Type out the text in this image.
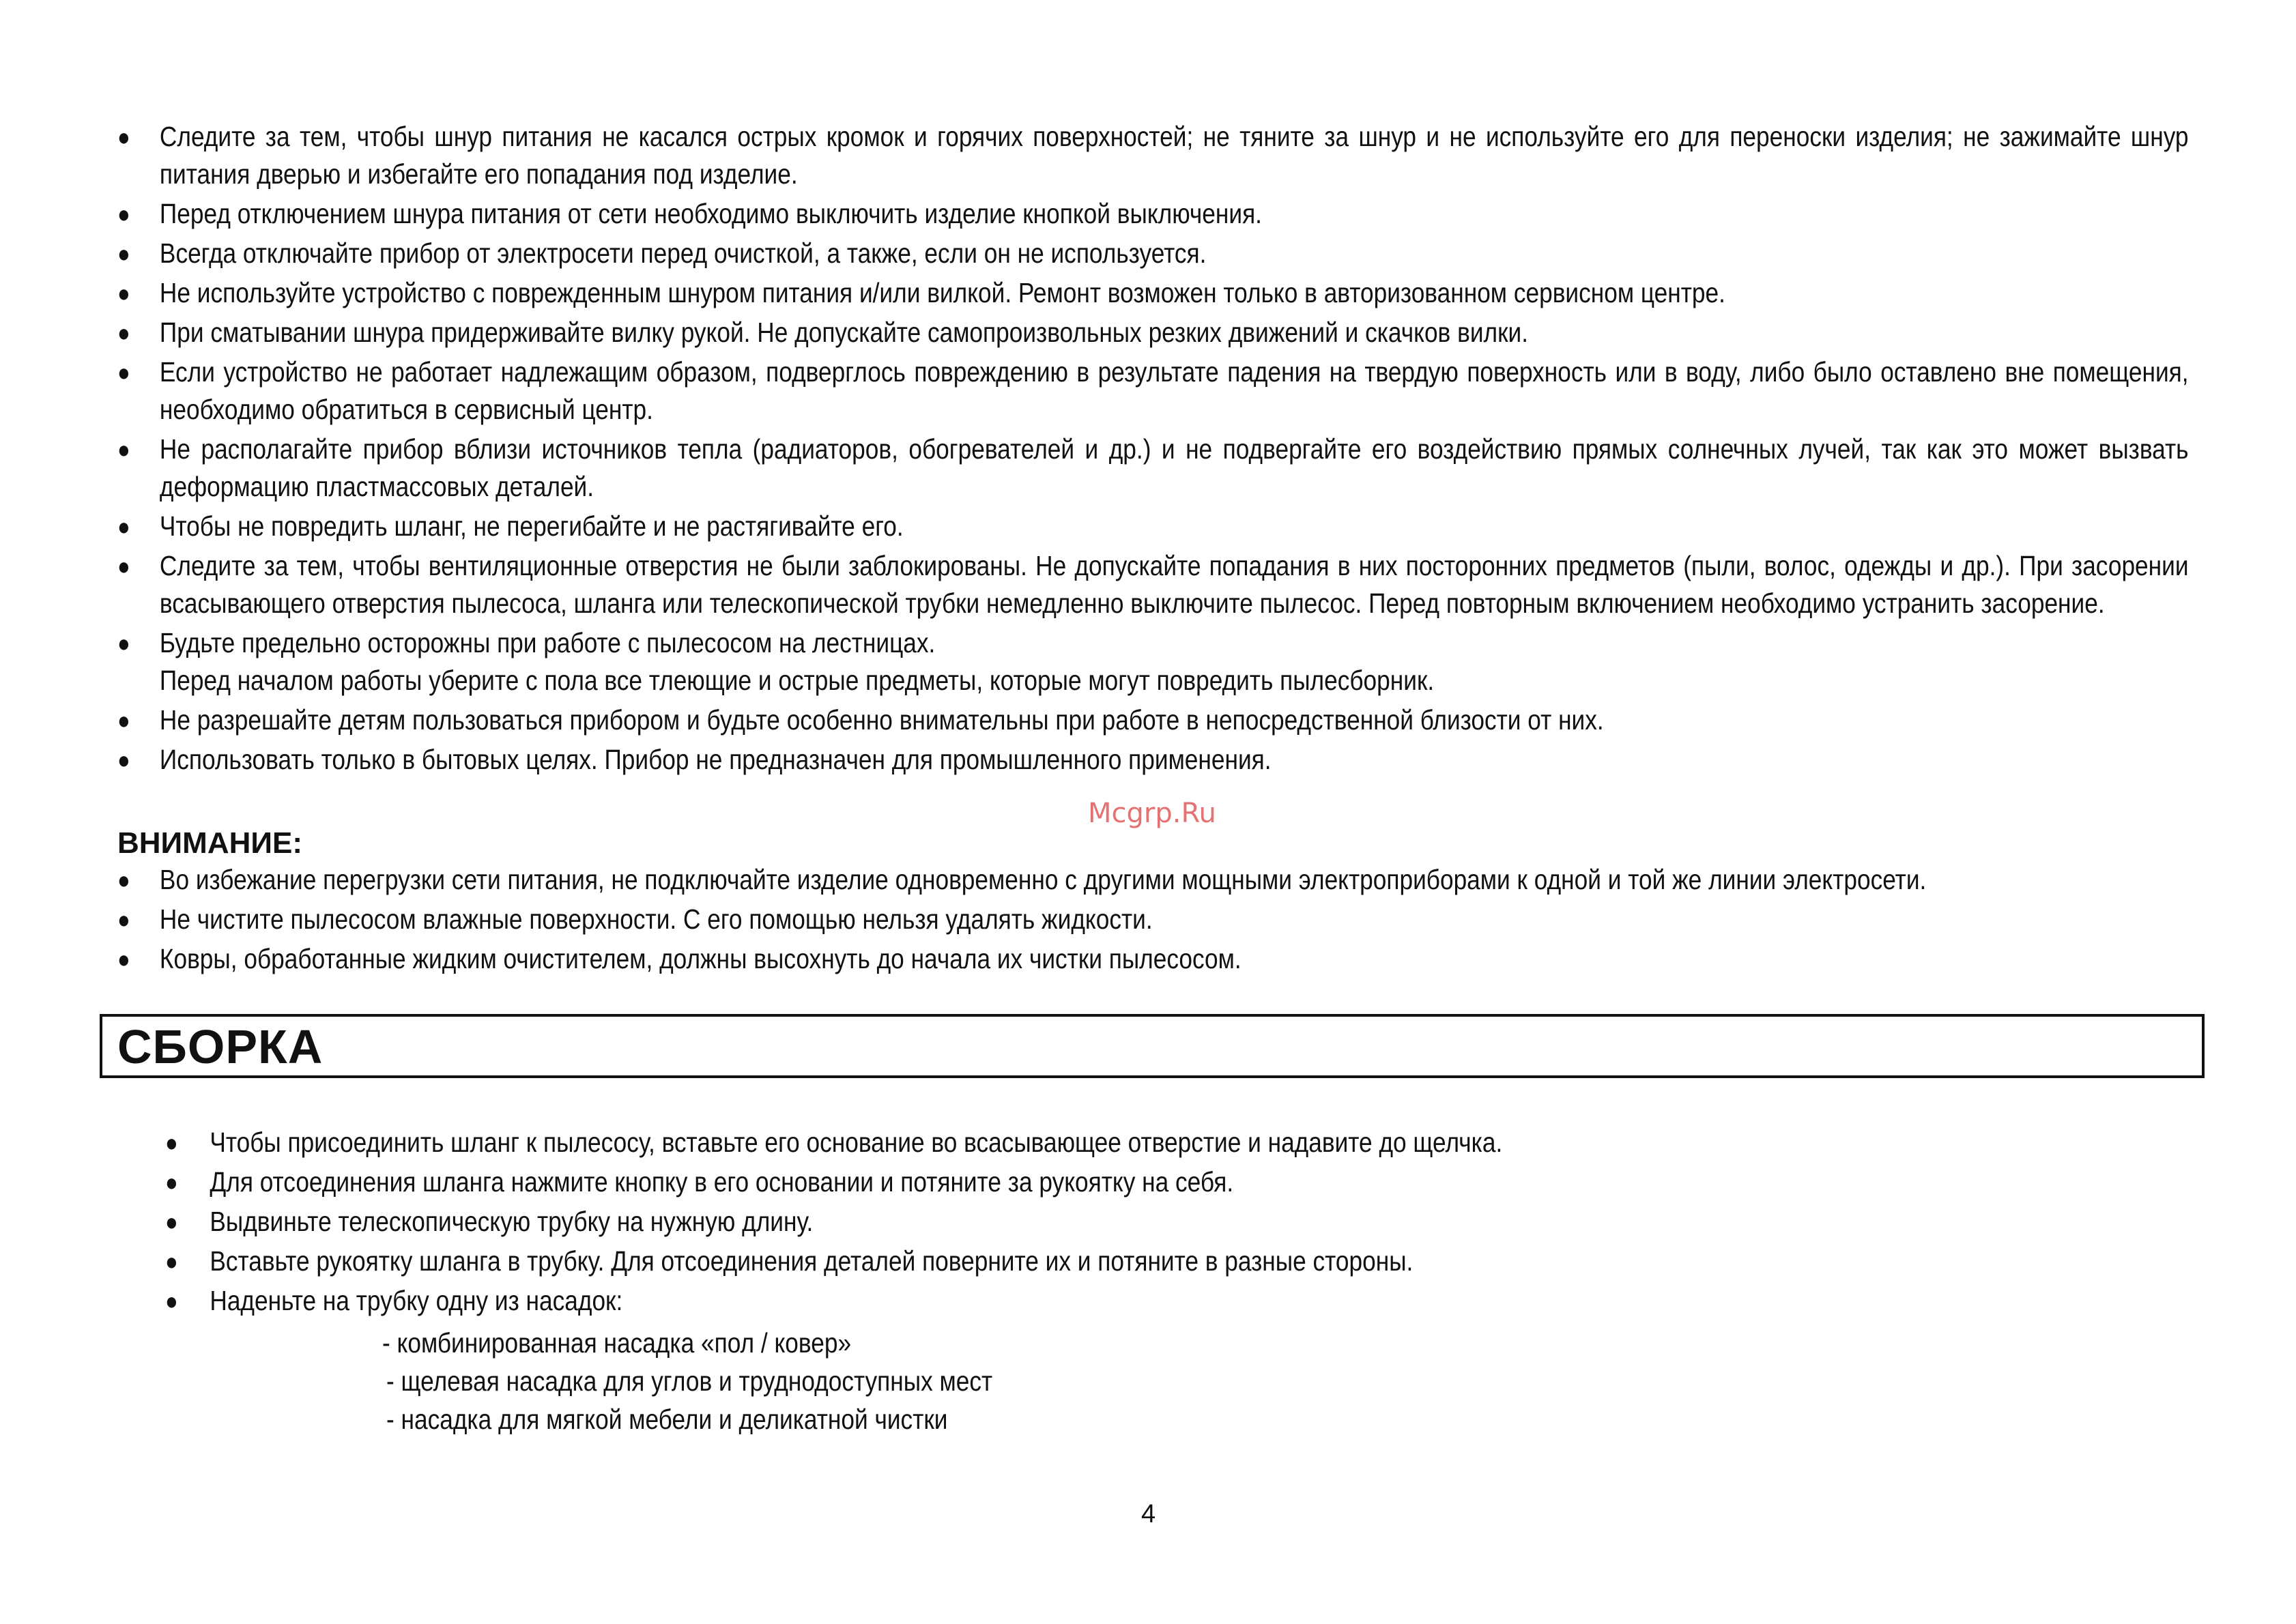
●	Следите за тем, чтобы шнур питания не касался острых кромок и горячих поверхностей; не тяните за шнур и не используйте его для переноски изделия; не зажимайте шнур питания дверью и избегайте его попадания под изделие.
●	Перед отключением шнура питания от сети необходимо выключить изделие кнопкой выключения.
●	Всегда отключайте прибор от электросети перед очисткой, а также, если он не используется.
●	Не используйте устройство с поврежденным шнуром питания и/или вилкой. Ремонт возможен только в авторизованном сервисном центре.
●	При сматывании шнура придерживайте вилку рукой. Не допускайте самопроизвольных резких движений и скачков вилки.
●	Если устройство не работает надлежащим образом, подверглось повреждению в результате падения на твердую поверхность или в воду, либо было оставлено вне помещения, необходимо обратиться в сервисный центр.
●	Не располагайте прибор вблизи источников тепла (радиаторов, обогревателей и др.) и не подвергайте его воздействию прямых солнечных лучей, так как это может вызвать деформацию пластмассовых деталей.
●	Чтобы не повредить шланг, не перегибайте и не растягивайте его.
●	Следите за тем, чтобы вентиляционные отверстия не были заблокированы. Не допускайте попадания в них посторонних предметов (пыли, волос, одежды и др.). При засорении всасывающего отверстия пылесоса, шланга или телескопической трубки немедленно выключите пылесос. Перед повторным включением необходимо устранить засорение.
●	Будьте предельно осторожны при работе с пылесосом на лестницах.
Перед началом работы уберите с пола все тлеющие и острые предметы, которые могут повредить пылесборник.
●	Не разрешайте детям пользоваться прибором и будьте особенно внимательны при работе в непосредственной близости от них.
●	Использовать только в бытовых целях. Прибор не предназначен для промышленного применения.
Mcgrp.Ru
ВНИМАНИЕ:
●	Во избежание перегрузки сети питания, не подключайте изделие одновременно с другими мощными электроприборами к одной и той же линии электросети.
●	Не чистите пылесосом влажные поверхности. С его помощью нельзя удалять жидкости.
●	Ковры, обработанные жидким очистителем, должны высохнуть до начала их чистки пылесосом.
СБОРКА
●	Чтобы присоединить шланг к пылесосу, вставьте его основание во всасывающее отверстие и надавите до щелчка.
●	Для отсоединения шланга нажмите кнопку в его основании и потяните за рукоятку на себя.
●	Выдвиньте телескопическую трубку на нужную длину.
●	Вставьте рукоятку шланга в трубку. Для отсоединения деталей поверните их и потяните в разные стороны.
●	Наденьте на трубку одну из насадок:
- комбинированная насадка «пол / ковер»
- щелевая насадка для углов и труднодоступных мест
- насадка для мягкой мебели и деликатной чистки
4
